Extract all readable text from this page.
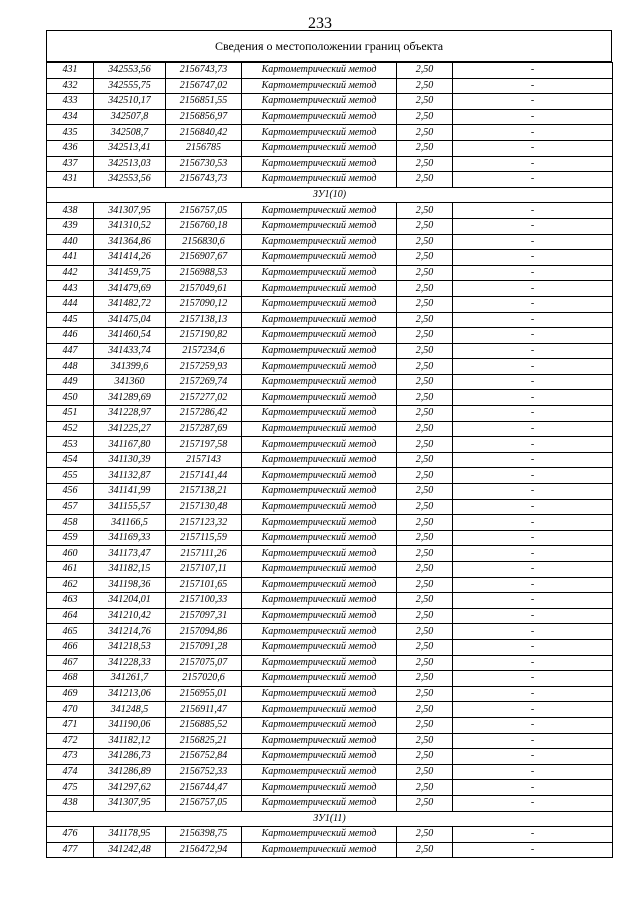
233
Сведения о местоположении границ объекта
431	342553,56	2156743,73	Картометрический метод	2,50	-
432	342555,75	2156747,02	Картометрический метод	2,50	-
433	342510,17	2156851,55	Картометрический метод	2,50	-
434	342507,8	2156856,97	Картометрический метод	2,50	-
435	342508,7	2156840,42	Картометрический метод	2,50	-
436	342513,41	2156785	Картометрический метод	2,50	-
437	342513,03	2156730,53	Картометрический метод	2,50	-
431	342553,56	2156743,73	Картометрический метод	2,50	-
ЗУ1(10)					
438	341307,95	2156757,05	Картометрический метод	2,50	-
439	341310,52	2156760,18	Картометрический метод	2,50	-
440	341364,86	2156830,6	Картометрический метод	2,50	-
441	341414,26	2156907,67	Картометрический метод	2,50	-
442	341459,75	2156988,53	Картометрический метод	2,50	-
443	341479,69	2157049,61	Картометрический метод	2,50	-
444	341482,72	2157090,12	Картометрический метод	2,50	-
445	341475,04	2157138,13	Картометрический метод	2,50	-
446	341460,54	2157190,82	Картометрический метод	2,50	-
447	341433,74	2157234,6	Картометрический метод	2,50	-
448	341399,6	2157259,93	Картометрический метод	2,50	-
449	341360	2157269,74	Картометрический метод	2,50	-
450	341289,69	2157277,02	Картометрический метод	2,50	-
451	341228,97	2157286,42	Картометрический метод	2,50	-
452	341225,27	2157287,69	Картометрический метод	2,50	-
453	341167,80	2157197,58	Картометрический метод	2,50	-
454	341130,39	2157143	Картометрический метод	2,50	-
455	341132,87	2157141,44	Картометрический метод	2,50	-
456	341141,99	2157138,21	Картометрический метод	2,50	-
457	341155,57	2157130,48	Картометрический метод	2,50	-
458	341166,5	2157123,32	Картометрический метод	2,50	-
459	341169,33	2157115,59	Картометрический метод	2,50	-
460	341173,47	2157111,26	Картометрический метод	2,50	-
461	341182,15	2157107,11	Картометрический метод	2,50	-
462	341198,36	2157101,65	Картометрический метод	2,50	-
463	341204,01	2157100,33	Картометрический метод	2,50	-
464	341210,42	2157097,31	Картометрический метод	2,50	-
465	341214,76	2157094,86	Картометрический метод	2,50	-
466	341218,53	2157091,28	Картометрический метод	2,50	-
467	341228,33	2157075,07	Картометрический метод	2,50	-
468	341261,7	2157020,6	Картометрический метод	2,50	-
469	341213,06	2156955,01	Картометрический метод	2,50	-
470	341248,5	2156911,47	Картометрический метод	2,50	-
471	341190,06	2156885,52	Картометрический метод	2,50	-
472	341182,12	2156825,21	Картометрический метод	2,50	-
473	341286,73	2156752,84	Картометрический метод	2,50	-
474	341286,89	2156752,33	Картометрический метод	2,50	-
475	341297,62	2156744,47	Картометрический метод	2,50	-
438	341307,95	2156757,05	Картометрический метод	2,50	-
ЗУ1(11)					
476	341178,95	2156398,75	Картометрический метод	2,50	-
477	341242,48	2156472,94	Картометрический метод	2,50	-
